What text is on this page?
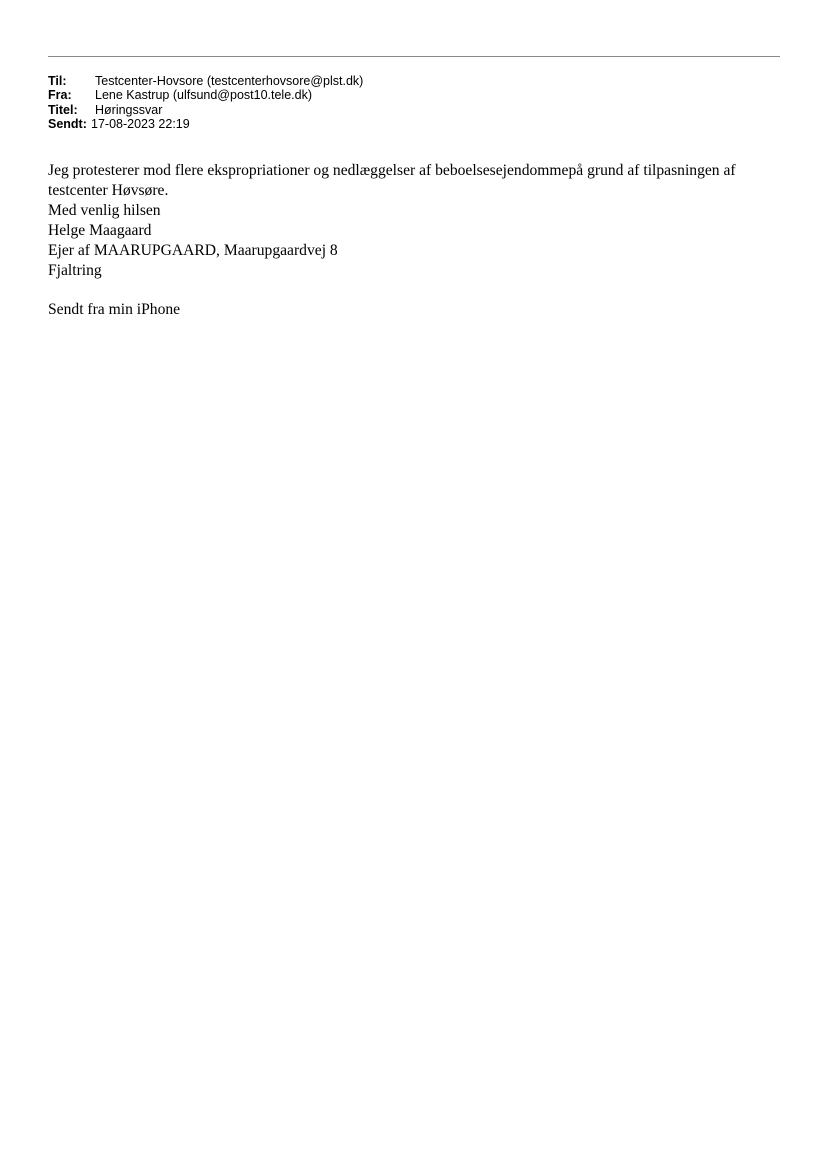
Til:	Testcenter-Hovsore (testcenterhovsore@plst.dk)
Fra:	Lene Kastrup (ulfsund@post10.tele.dk)
Titel:	Høringssvar
Sendt: 17-08-2023 22:19

Jeg protesterer mod flere ekspropriationer og nedlæggelser af beboelsesejendommepå grund af tilpasningen af testcenter Høvsøre.

Med venlig hilsen

Helge Maagaard

Ejer af MAARUPGAARD, Maarupgaardvej 8

Fjaltring

Sendt fra min iPhone
